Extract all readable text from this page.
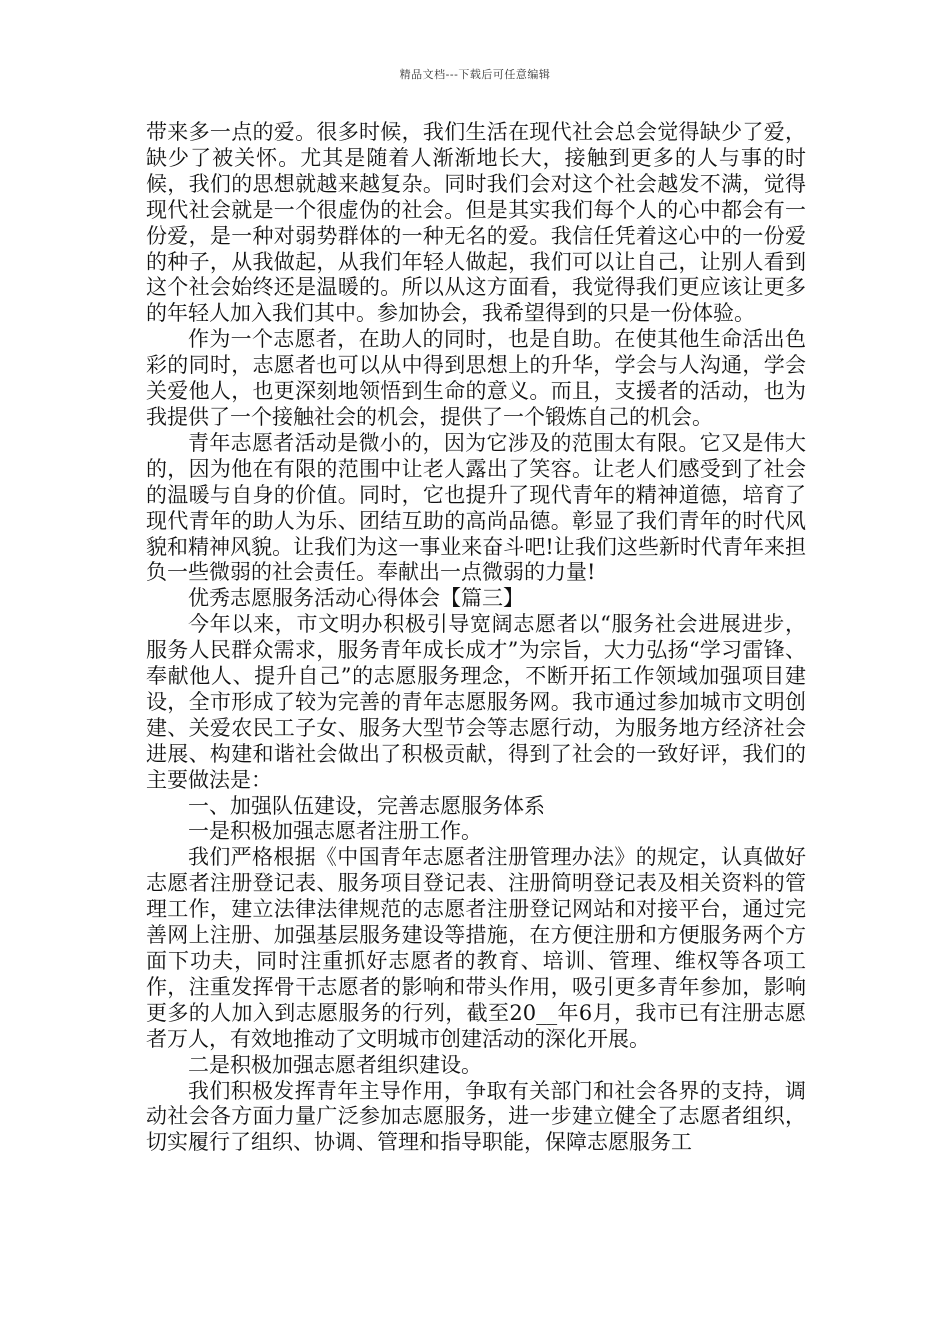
精品文档---下载后可任意编辑

带来多一点的爱。很多时候，我们生活在现代社会总会觉得缺少了爱，缺少了被关怀。尤其是随着人渐渐地长大，接触到更多的人与事的时候，我们的思想就越来越复杂。同时我们会对这个社会越发不满，觉得现代社会就是一个很虚伪的社会。但是其实我们每个人的心中都会有一份爱，是一种对弱势群体的一种无名的爱。我信任凭着这心中的一份爱的种子，从我做起，从我们年轻人做起，我们可以让自己，让别人看到这个社会始终还是温暖的。所以从这方面看，我觉得我们更应该让更多的年轻人加入我们其中。参加协会，我希望得到的只是一份体验。

作为一个志愿者，在助人的同时，也是自助。在使其他生命活出色彩的同时，志愿者也可以从中得到思想上的升华，学会与人沟通，学会关爱他人，也更深刻地领悟到生命的意义。而且，支援者的活动，也为我提供了一个接触社会的机会，提供了一个锻炼自己的机会。

青年志愿者活动是微小的，因为它涉及的范围太有限。它又是伟大的，因为他在有限的范围中让老人露出了笑容。让老人们感受到了社会的温暖与自身的价值。同时，它也提升了现代青年的精神道德，培育了现代青年的助人为乐、团结互助的高尚品德。彰显了我们青年的时代风貌和精神风貌。让我们为这一事业来奋斗吧!让我们这些新时代青年来担负一些微弱的社会责任。奉献出一点微弱的力量!

优秀志愿服务活动心得体会【篇三】

今年以来，市文明办积极引导宽阔志愿者以“服务社会进展进步，服务人民群众需求，服务青年成长成才”为宗旨，大力弘扬“学习雷锋、奉献他人、提升自己”的志愿服务理念，不断开拓工作领域加强项目建设，全市形成了较为完善的青年志愿服务网。我市通过参加城市文明创建、关爱农民工子女、服务大型节会等志愿行动，为服务地方经济社会进展、构建和谐社会做出了积极贡献，得到了社会的一致好评，我们的主要做法是：

一、加强队伍建设，完善志愿服务体系

一是积极加强志愿者注册工作。

我们严格根据《中国青年志愿者注册管理办法》的规定，认真做好志愿者注册登记表、服务项目登记表、注册简明登记表及相关资料的管理工作，建立法律法律规范的志愿者注册登记网站和对接平台，通过完善网上注册、加强基层服务建设等措施，在方便注册和方便服务两个方面下功夫，同时注重抓好志愿者的教育、培训、管理、维权等各项工作，注重发挥骨干志愿者的影响和带头作用，吸引更多青年参加，影响更多的人加入到志愿服务的行列，截至20__年6月，我市已有注册志愿者万人，有效地推动了文明城市创建活动的深化开展。

二是积极加强志愿者组织建设。

我们积极发挥青年主导作用，争取有关部门和社会各界的支持，调动社会各方面力量广泛参加志愿服务，进一步建立健全了志愿者组织，切实履行了组织、协调、管理和指导职能，保障志愿服务工
